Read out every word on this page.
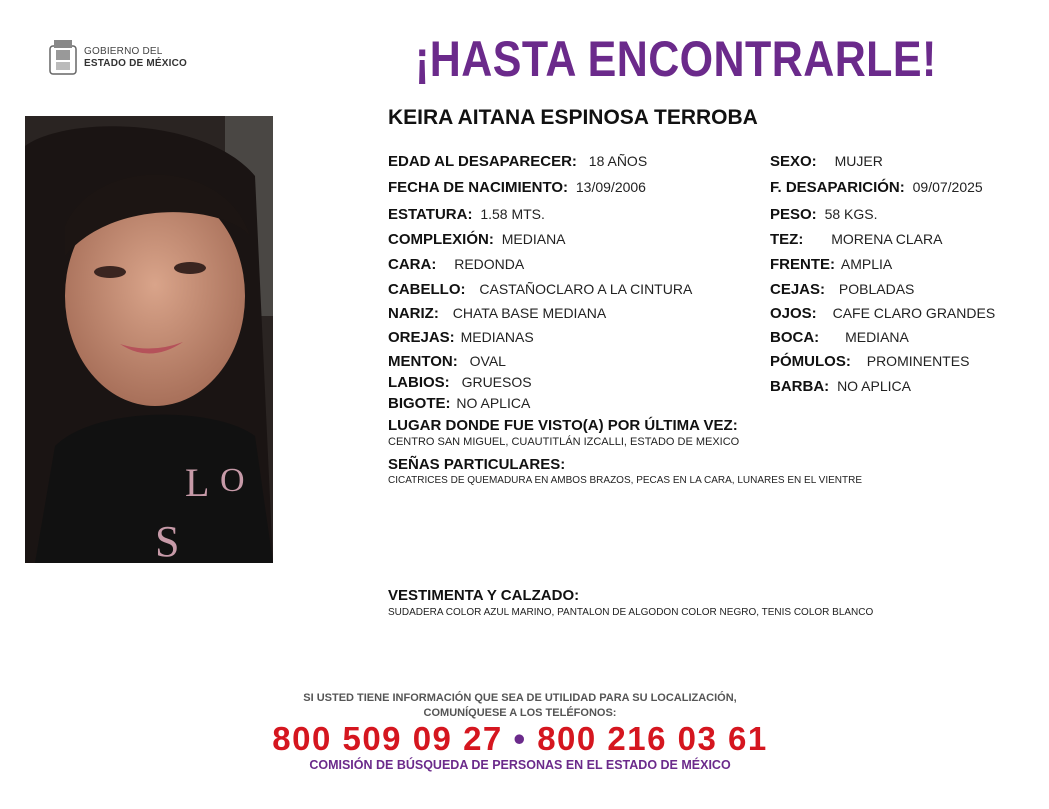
GOBIERNO DEL
ESTADO DE MÉXICO	¡HASTA ENCONTRARLE!
L O
S
KEIRA AITANA ESPINOSA TERROBA
EDAD AL DESAPARECER: 18 AÑOS
FECHA DE NACIMIENTO: 13/09/2006
ESTATURA: 1.58 MTS.
COMPLEXIÓN: MEDIANA
CARA: REDONDA
CABELLO: CASTAÑOCLARO A LA CINTURA
NARIZ: CHATA BASE MEDIANA
OREJAS: MEDIANAS
MENTON: OVAL
LABIOS: GRUESOS
BIGOTE: NO APLICA
SEXO: MUJER
F. DESAPARICIÓN: 09/07/2025
PESO: 58 KGS.
TEZ: MORENA CLARA
FRENTE: AMPLIA
CEJAS: POBLADAS
OJOS: CAFE CLARO GRANDES
BOCA: MEDIANA
PÓMULOS: PROMINENTES
BARBA: NO APLICA
LUGAR DONDE FUE VISTO(A) POR ÚLTIMA VEZ:
CENTRO SAN MIGUEL, CUAUTITLÁN IZCALLI, ESTADO DE MEXICO
SEÑAS PARTICULARES:
CICATRICES DE QUEMADURA EN AMBOS BRAZOS, PECAS EN LA CARA, LUNARES EN EL VIENTRE
VESTIMENTA Y CALZADO:
SUDADERA COLOR AZUL MARINO, PANTALON DE ALGODON COLOR NEGRO, TENIS COLOR BLANCO
SI USTED TIENE INFORMACIÓN QUE SEA DE UTILIDAD PARA SU LOCALIZACIÓN,
COMUNÍQUESE A LOS TELÉFONOS:
800 509 09 27 • 800 216 03 61
COMISIÓN DE BÚSQUEDA DE PERSONAS EN EL ESTADO DE MÉXICO
